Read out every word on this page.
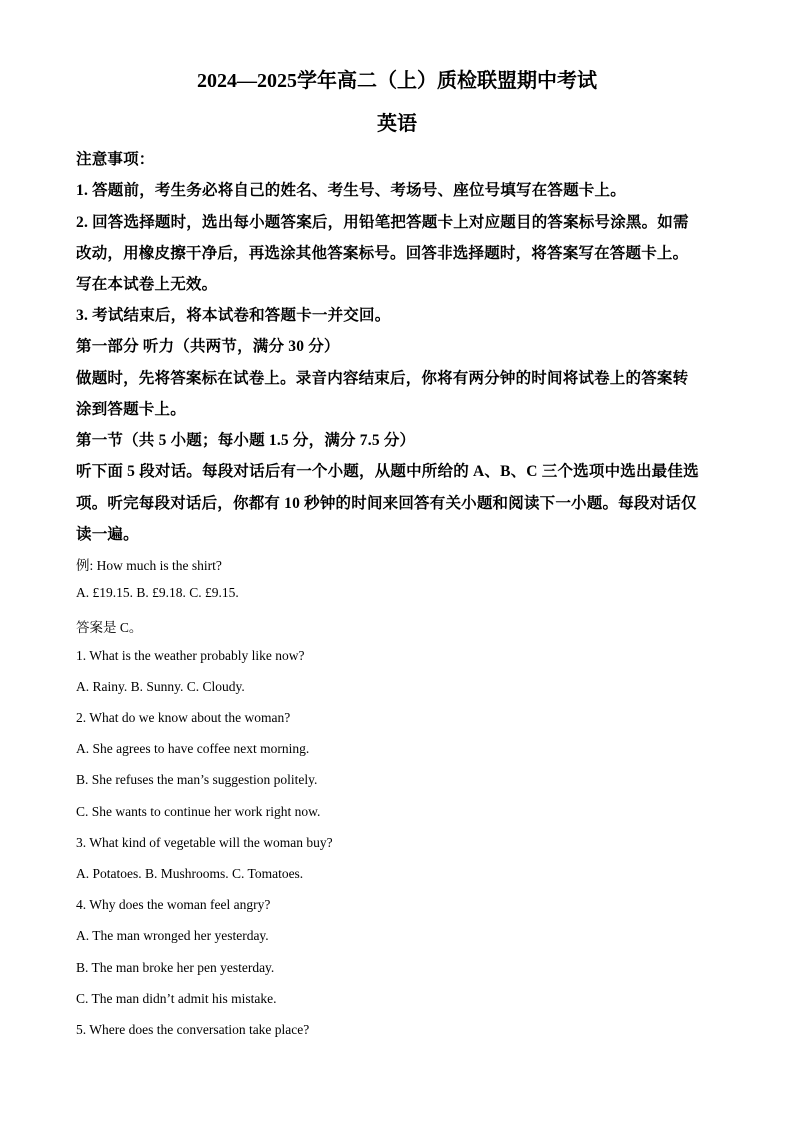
2024—2025学年高二（上）质检联盟期中考试
英语
注意事项：
1. 答题前，考生务必将自己的姓名、考生号、考场号、座位号填写在答题卡上。
2. 回答选择题时，选出每小题答案后，用铅笔把答题卡上对应题目的答案标号涂黑。如需
改动，用橡皮擦干净后，再选涂其他答案标号。回答非选择题时，将答案写在答题卡上。
写在本试卷上无效。
3. 考试结束后，将本试卷和答题卡一并交回。
第一部分 听力（共两节，满分 30 分）
做题时，先将答案标在试卷上。录音内容结束后，你将有两分钟的时间将试卷上的答案转
涂到答题卡上。
第一节（共 5 小题；每小题 1.5 分，满分 7.5 分）
听下面 5 段对话。每段对话后有一个小题，从题中所给的 A、B、C 三个选项中选出最佳选
项。听完每段对话后，你都有 10 秒钟的时间来回答有关小题和阅读下一小题。每段对话仅
读一遍。
例: How much is the shirt?
A. £19.15. B. £9.18. C. £9.15.
答案是 C。
1. What is the weather probably like now?
A. Rainy. B. Sunny. C. Cloudy.
2. What do we know about the woman?
A. She agrees to have coffee next morning.
B. She refuses the man’s suggestion politely.
C. She wants to continue her work right now.
3. What kind of vegetable will the woman buy?
A. Potatoes. B. Mushrooms. C. Tomatoes.
4. Why does the woman feel angry?
A. The man wronged her yesterday.
B. The man broke her pen yesterday.
C. The man didn’t admit his mistake.
5. Where does the conversation take place?
